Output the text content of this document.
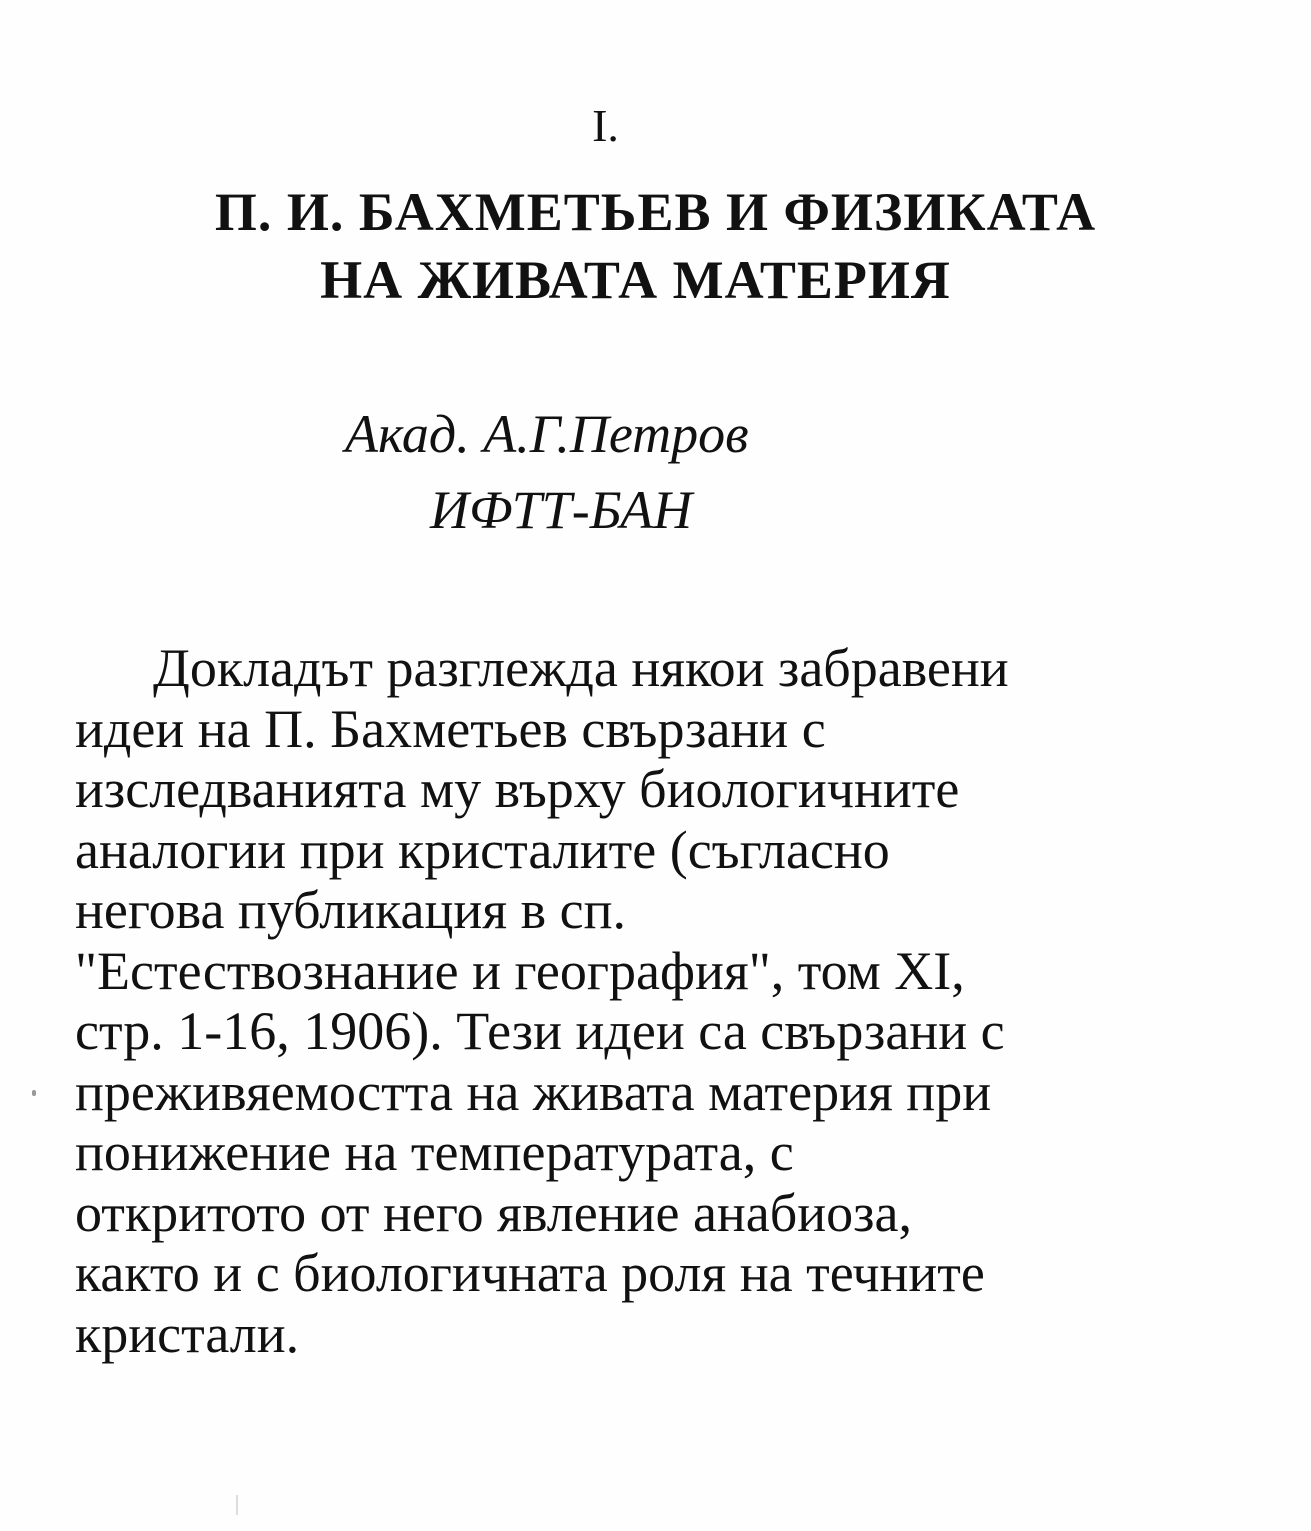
I.
П. И. БАХМЕТЬЕВ И ФИЗИКАТА
НА ЖИВАТА МАТЕРИЯ
Акад. А.Г.Петров
ИФТТ-БАН
Докладът разглежда някои забравени
идеи на П. Бахметьев свързани с
изследванията му върху биологичните
аналогии при кристалите (съгласно
негова публикация в сп.
"Естествознание и география", том XI,
стр. 1-16, 1906). Тези идеи са свързани с
преживяемостта на живата материя при
понижение на температурата, с
откритото от него явление анабиоза,
както и с биологичната роля на течните
кристали.
